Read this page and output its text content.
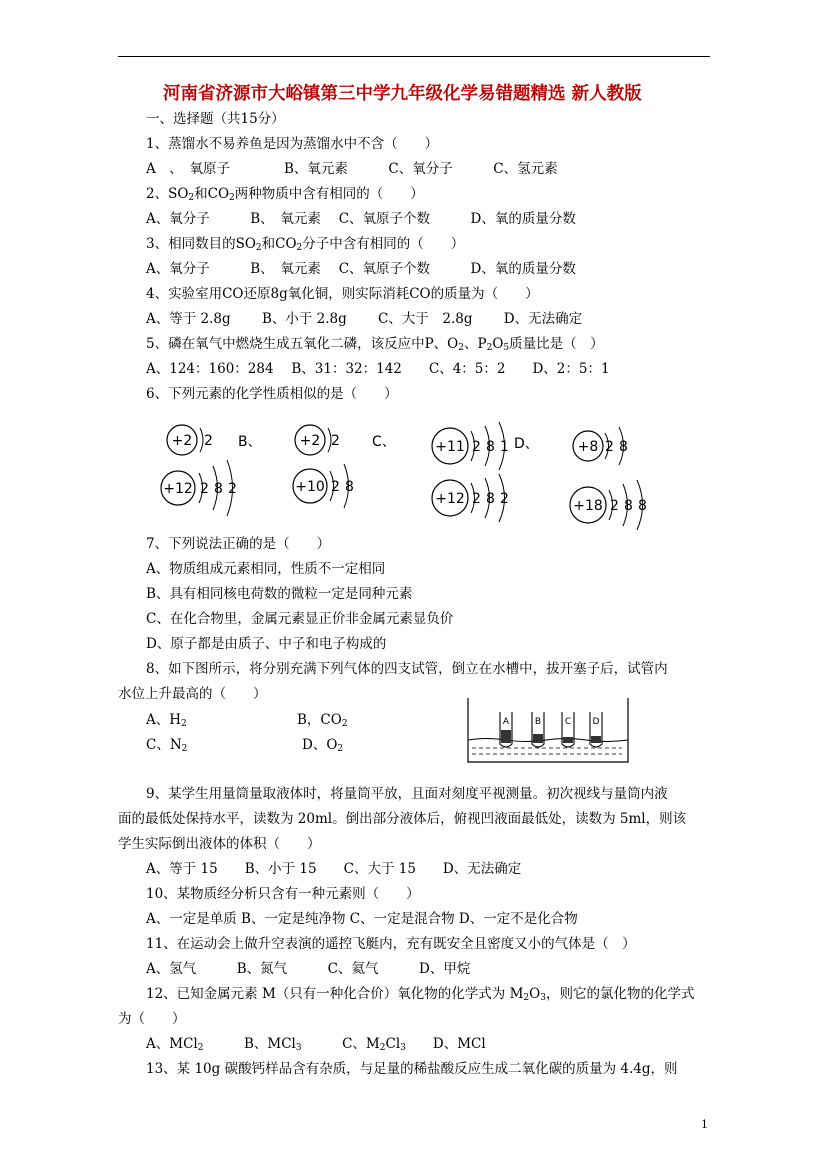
河南省济源市大峪镇第三中学九年级化学易错题精选 新人教版
一、选择题（共15分）
1、蒸馏水不易养鱼是因为蒸馏水中不含（　　）
A　、　氧原子　　　　B、氧元素　　　C、氧分子　　　C、氢元素
2、$SO_2$和$CO_2$两种物质中含有相同的（　　）
A、氧分子　　　B、　氧元素　 C、氧原子个数　　　D、氧的质量分数
3、相同数目的$SO_2$和$CO_2$分子中含有相同的（　　）
A、氧分子　　　B、　氧元素　 C、氧原子个数　　　D、氧的质量分数
4、实验室用CO还原8g氧化铜，则实际消耗CO的质量为（　　）
A、等于 2.8g　　 B、小于 2.8g　　 C、大于　2.8g　　 D、无法确定
5、磷在氧气中燃烧生成五氧化二磷，该反应中P、$O_2$、$P_2O_5$质量比是（　）
A、124：160：284　 B、31：32：142　　C、4：5：2　　D、2：5：1
6、下列元素的化学性质相似的是（　　）
+2 2 B、
+12 2 8 2
+2 2 C、
+10 2 8
+11 2 8 1 D、
+12 2 8 2
+8 2 8
+18 2 8 8
7、下列说法正确的是（　　）
A、物质组成元素相同，性质不一定相同
B、具有相同核电荷数的微粒一定是同种元素
C、在化合物里，金属元素显正价非金属元素显负价
D、原子都是由质子、中子和电子构成的
8、如下图所示，将分别充满下列气体的四支试管，倒立在水槽中，拔开塞子后，试管内
水位上升最高的（　　）
A、$H_2$	B，$CO_2$
C、$N_2$	D、$O_2$
A	B	C D
9、某学生用量筒量取液体时，将量筒平放，且面对刻度平视测量。初次视线与量筒内液
面的最低处保持水平，读数为 20ml。倒出部分液体后，俯视凹液面最低处，读数为 5ml，则该
学生实际倒出液体的体积（　　）
A、等于 15　　B、小于 15　　C、大于 15　　D、无法确定
10、某物质经分析只含有一种元素则（　　）
A、一定是单质 B、一定是纯净物 C、一定是混合物 D、一定不是化合物
11、在运动会上做升空表演的遥控飞艇内，充有既安全且密度又小的气体是（　）
A、氢气　　　B、氮气　　　C、氦气　　　D、甲烷
12、已知金属元素 M（只有一种化合价）氧化物的化学式为 $M_2O_3$，则它的氯化物的化学式
为（　　）
A、MCl$_2$　　　	B、MCl$_3$　　　	C、$M_2Cl_3$　　 D、MCl
13、某 10g 碳酸钙样品含有杂质，与足量的稀盐酸反应生成二氧化碳的质量为 4.4g，则
1
